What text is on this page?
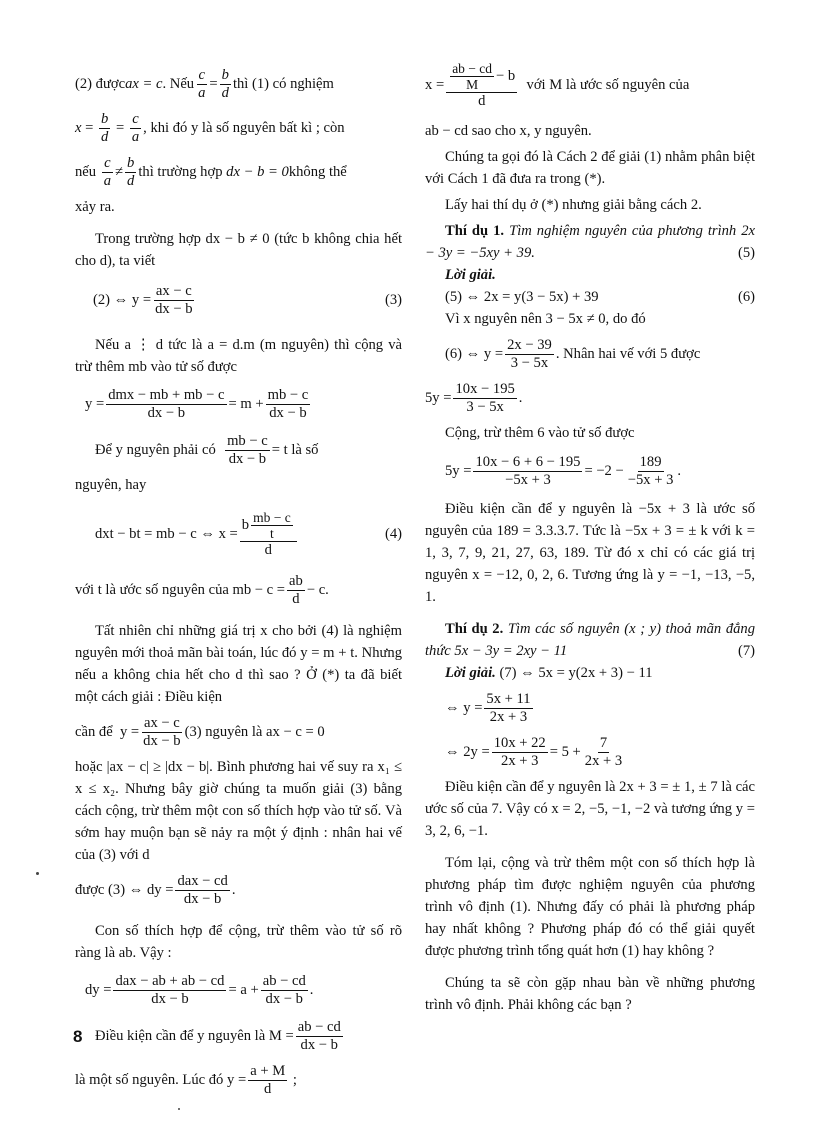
(2) được ax = c . Nếu $\frac{c}{a} = \frac{b}{d}$ thì (1) có nghiệm
$x = \frac{b}{d} = \frac{c}{a}$ , khi đó y là số nguyên bất kì ; còn
nếu
$\frac{c}{a} \ne \frac{b}{d}$ thì trường hợp
dx − b = 0 không thể

xảy ra.

Trong trường hợp dx − b ≠ 0 (tức b không chia hết cho d), ta viết

(2) ⇔ $y = \frac{ax - c}{dx - b}$	(3)

Nếu a ⋮ d tức là a = d.m (m nguyên) thì cộng và trừ thêm mb vào tử số được

$y = \frac{\text{dmx − mb + mb − c}}{dx - b} = m + \frac{mb - c}{dx - b}$
Để y nguyên phải có
$\frac{mb - c}{dx - b} = t$ là số

nguyên, hay

dxt − bt = mb − c ⇔ $x = \frac{b \frac{mb - c}{t}}{d}$	(4)
với t là ước số nguyên của mb − $c = \frac{ab}{d} - c$.

Tất nhiên chỉ những giá trị x cho bởi (4) là nghiệm nguyên mới thoả mãn bài toán, lúc đó y = m + t. Nhưng nếu a không chia hết cho d thì sao ? Ở (*) ta đã biết một cách giải : Điều kiện

cần để
$y = \frac{ax - c}{dx - b} (3)$ nguyên là ax − c = 0

hoặc |ax − c| ≥ |dx − b|. Bình phương hai vế suy ra x₁ ≤ x ≤ x₂. Nhưng bây giờ chúng ta muốn giải (3) bằng cách cộng, trừ thêm một con số thích hợp vào tử số. Và sớm hay muộn bạn sẽ nảy ra một ý định : nhân hai vế của (3) với d

được (3) ⇔ dy = $\frac{\text{dax − cd}}{dx - b}$ .

Con số thích hợp để cộng, trừ thêm vào tử số rõ ràng là ab. Vậy :

dy = $\frac{\text{dax − ab + ab − cd}}{dx - b} = a + \frac{ab - cd}{dx - b}$ .
Điều kiện cần để y nguyên là $M = \frac{ab - cd}{dx - b}$
là một số nguyên. Lúc đó
$y = \frac{a + M}{d}$ ;
$x = \frac{\frac{ab - cd}{M} - b}{d}$
với M là ước số nguyên của

ab − cd sao cho x, y nguyên.

Chúng ta gọi đó là Cách 2 để giải (1) nhằm phân biệt với Cách 1 đã đưa ra trong (*).

Lấy hai thí dụ ở (*) nhưng giải bằng cách 2.

Thí dụ 1. Tìm nghiệm nguyên của phương trình 2x − 3y = −5xy + 39.	(5)
Lời giải.
(5) ⇔ 2x = y(3 − 5x) + 39	(6)

Vì x nguyên nên 3 − 5x ≠ 0, do đó

(6) ⇔ $y = \frac{2x - 39}{3 - 5x}$ . Nhân hai vế với 5 được
$5y = \frac{10x - 195}{3 - 5x}$ .

Cộng, trừ thêm 6 vào tử số được

$5y = \frac{10x - 6 + 6 - 195}{-5x + 3} = -2 - \frac{189}{-5x + 3}$ .

Điều kiện cần để y nguyên là −5x + 3 là ước số nguyên của 189 = 3.3.3.7. Tức là −5x + 3 = ± k với k = 1, 3, 7, 9, 21, 27, 63, 189. Từ đó x chỉ có các giá trị nguyên x = −12, 0, 2, 6. Tương ứng là y = −1, −13, −5, 1.

Thí dụ 2. Tìm các số nguyên (x ; y) thoả mãn đẳng thức 5x − 3y = 2xy − 11	(7)
Lời giải. (7) ⇔ 5x = y(2x + 3) − 11
⇔ $y = \frac{5x + 11}{2x + 3}$
⇔ $2y = \frac{10x + 22}{2x + 3} = 5 + \frac{7}{2x + 3}$

Điều kiện cần để y nguyên là 2x + 3 = ± 1, ± 7 là các ước số của 7. Vậy có x = 2, −5, −1, −2 và tương ứng y = 3, 2, 6, −1.

Tóm lại, cộng và trừ thêm một con số thích hợp là phương pháp tìm được nghiệm nguyên của phương trình vô định (1). Nhưng đấy có phải là phương pháp hay nhất không ? Phương pháp đó có thể giải quyết được phương trình tổng quát hơn (1) hay không ?

Chúng ta sẽ còn gặp nhau bàn về những phương trình vô định. Phải không các bạn ?

8
